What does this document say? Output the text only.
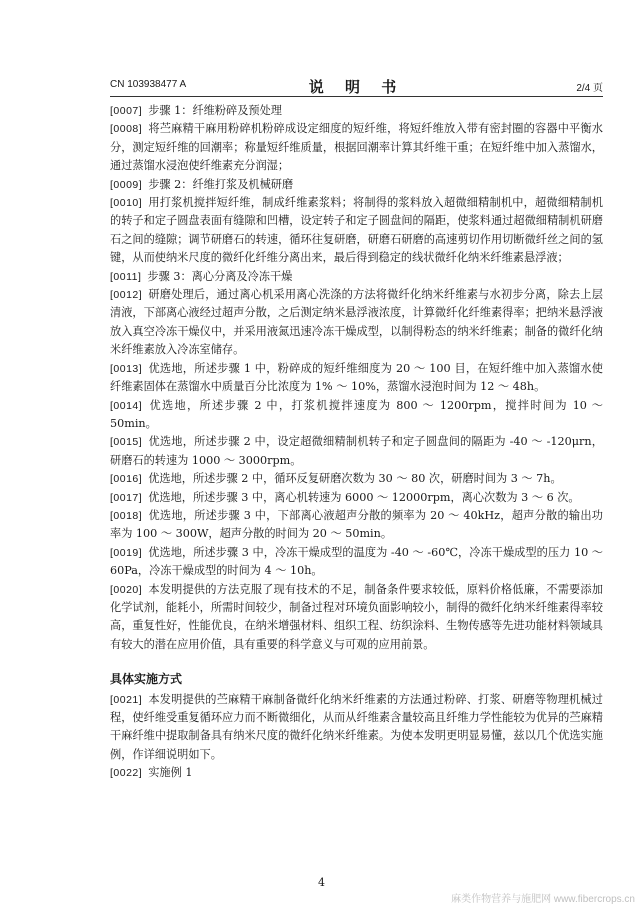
CN 103938477 A	说 明 书	2/4 页

[0007] 步骤 1：纤维粉碎及预处理

[0008] 将苎麻精干麻用粉碎机粉碎成设定细度的短纤维，将短纤维放入带有密封圈的容器中平衡水分，测定短纤维的回潮率；称量短纤维质量，根据回潮率计算其纤维干重；在短纤维中加入蒸馏水，通过蒸馏水浸泡使纤维素充分润湿；

[0009] 步骤 2：纤维打浆及机械研磨

[0010] 用打浆机搅拌短纤维，制成纤维素浆料；将制得的浆料放入超微细精制机中，超微细精制机的转子和定子圆盘表面有缝隙和凹槽，设定转子和定子圆盘间的隔距，使浆料通过超微细精制机研磨石之间的缝隙；调节研磨石的转速，循环往复研磨，研磨石研磨的高速剪切作用切断微纤丝之间的氢键，从而使纳米尺度的微纤化纤维分离出来，最后得到稳定的线状微纤化纳米纤维素悬浮液；

[0011] 步骤 3：离心分离及冷冻干燥

[0012] 研磨处理后，通过离心机采用离心洗涤的方法将微纤化纳米纤维素与水初步分离，除去上层清液，下部离心液经过超声分散，之后测定纳米悬浮液浓度，计算微纤化纤维素得率；把纳米悬浮液放入真空冷冻干燥仪中，并采用液氮迅速冷冻干燥成型，以制得粉态的纳米纤维素；制备的微纤化纳米纤维素放入冷冻室储存。

[0013] 优选地，所述步骤 1 中，粉碎成的短纤维细度为 20 ～ 100 目，在短纤维中加入蒸馏水使纤维素固体在蒸馏水中质量百分比浓度为 1% ～ 10%，蒸馏水浸泡时间为 12 ～ 48h。

[0014] 优选地，所述步骤 2 中，打浆机搅拌速度为 800 ～ 1200rpm，搅拌时间为 10 ～ 50min。

[0015] 优选地，所述步骤 2 中，设定超微细精制机转子和定子圆盘间的隔距为 -40 ～ -120μrn，研磨石的转速为 1000 ～ 3000rpm。

[0016] 优选地，所述步骤 2 中，循环反复研磨次数为 30 ～ 80 次，研磨时间为 3 ～ 7h。

[0017] 优选地，所述步骤 3 中，离心机转速为 6000 ～ 12000rpm，离心次数为 3 ～ 6 次。

[0018] 优选地，所述步骤 3 中，下部离心液超声分散的频率为 20 ～ 40kHz，超声分散的输出功率为 100 ～ 300W，超声分散的时间为 20 ～ 50min。

[0019] 优选地，所述步骤 3 中，冷冻干燥成型的温度为 -40 ～ -60℃，冷冻干燥成型的压力 10 ～ 60Pa，冷冻干燥成型的时间为 4 ～ 10h。

[0020] 本发明提供的方法克服了现有技术的不足，制备条件要求较低，原料价格低廉，不需要添加化学试剂，能耗小，所需时间较少，制备过程对环境负面影响较小，制得的微纤化纳米纤维素得率较高，重复性好，性能优良，在纳米增强材料、组织工程、纺织涂料、生物传感等先进功能材料领域具有较大的潜在应用价值，具有重要的科学意义与可观的应用前景。

具体实施方式

[0021] 本发明提供的苎麻精干麻制备微纤化纳米纤维素的方法通过粉碎、打浆、研磨等物理机械过程，使纤维受重复循环应力而不断微细化，从而从纤维素含量较高且纤维力学性能较为优异的苎麻精干麻纤维中提取制备具有纳米尺度的微纤化纳米纤维素。为使本发明更明显易懂，兹以几个优选实施例，作详细说明如下。

[0022] 实施例 1

4
麻类作物营养与施肥网 www.fibercrops.cn
